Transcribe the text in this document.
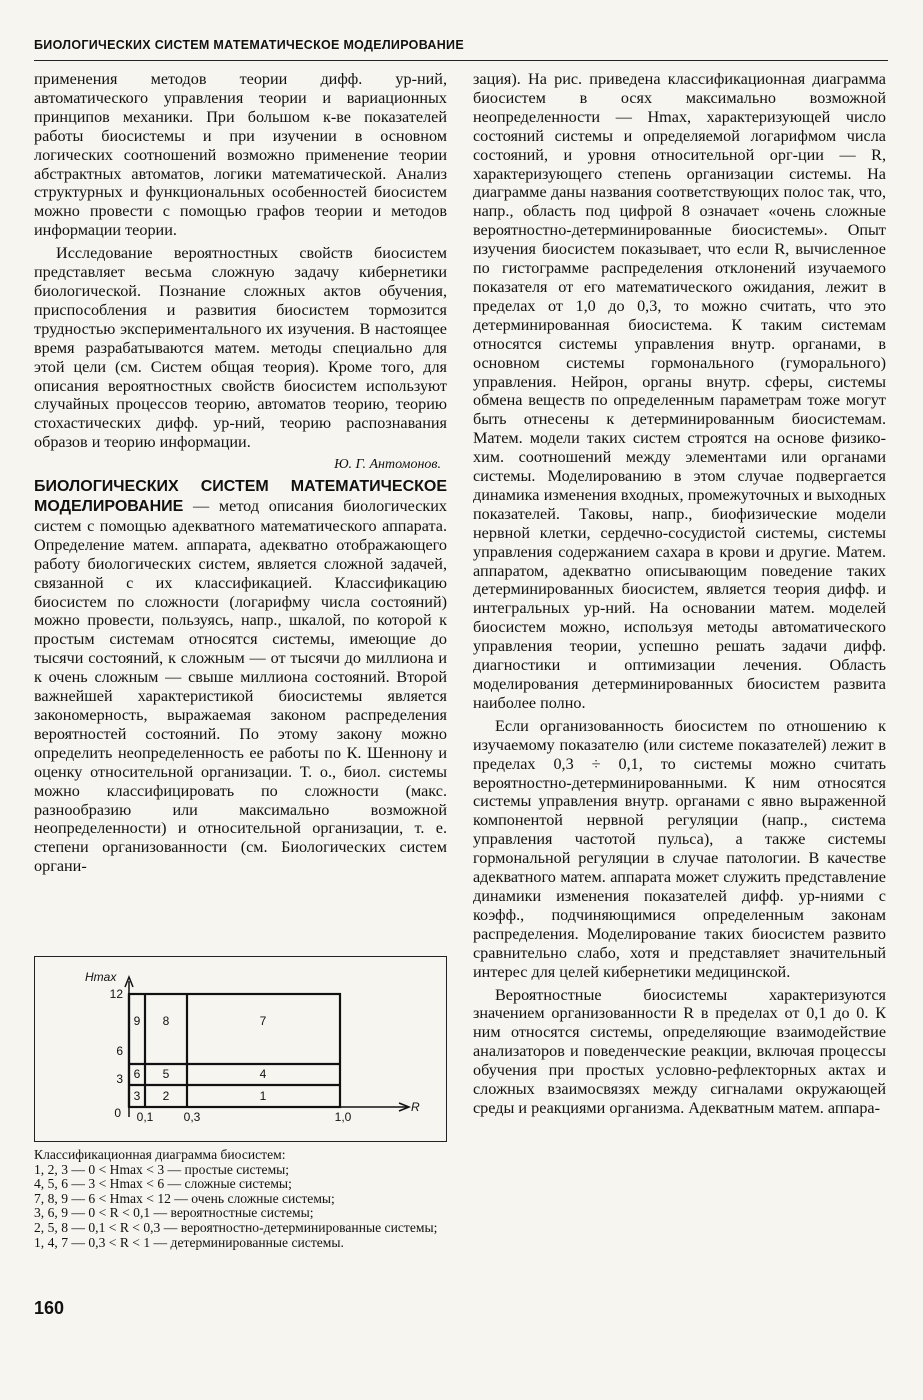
БИОЛОГИЧЕСКИХ СИСТЕМ МАТЕМАТИЧЕСКОЕ МОДЕЛИРОВАНИЕ

применения методов теории дифф. ур-ний, автоматического управления теории и вариационных принципов механики. При большом к-ве показателей работы биосистемы и при изучении в основном логических соотношений возможно применение теории абстрактных автоматов, логики математической. Анализ структурных и функциональных особенностей биосистем можно провести с помощью графов теории и методов информации теории.

Исследование вероятностных свойств биосистем представляет весьма сложную задачу кибернетики биологической. Познание сложных актов обучения, приспособления и развития биосистем тормозится трудностью экспериментального их изучения. В настоящее время разрабатываются матем. методы специально для этой цели (см. Систем общая теория). Кроме того, для описания вероятностных свойств биосистем используют случайных процессов теорию, автоматов теорию, теорию стохастических дифф. ур-ний, теорию распознавания образов и теорию информации.

Ю. Г. Антомонов.

БИОЛОГИЧЕСКИХ СИСТЕМ МАТЕМАТИЧЕСКОЕ МОДЕЛИРОВАНИЕ — метод описания биологических систем с помощью адекватного математического аппарата. Определение матем. аппарата, адекватно отображающего работу биологических систем, является сложной задачей, связанной с их классификацией. Классификацию биосистем по сложности (логарифму числа состояний) можно провести, пользуясь, напр., шкалой, по которой к простым системам относятся системы, имеющие до тысячи состояний, к сложным — от тысячи до миллиона и к очень сложным — свыше миллиона состояний. Второй важнейшей характеристикой биосистемы является закономерность, выражаемая законом распределения вероятностей состояний. По этому закону можно определить неопределенность ее работы по К. Шеннону и оценку относительной организации. Т. о., биол. системы можно классифицировать по сложности (макс. разнообразию или максимально возможной неопределенности) и относительной организации, т. е. степени организованности (см. Биологических систем органи-

9 8	7
6 5	4
3 2	1
Hmax
R
12
6
3
0 0,1	0,3	1,0
Классификационная диаграмма биосистем:
1, 2, 3 — 0 < Hmax < 3 — простые системы;
4, 5, 6 — 3 < Hmax < 6 — сложные системы;
7, 8, 9 — 6 < Hmax < 12 — очень сложные системы;
3, 6, 9 — 0 < R < 0,1 — вероятностные системы;
2, 5, 8 — 0,1 < R < 0,3 — вероятностно-детерминированные системы;
1, 4, 7 — 0,3 < R < 1 — детерминированные системы.
160

зация). На рис. приведена классификационная диаграмма биосистем в осях максимально возможной неопределенности — Hmax, характеризующей число состояний системы и определяемой логарифмом числа состояний, и уровня относительной орг-ции — R, характеризующего степень организации системы. На диаграмме даны названия соответствующих полос так, что, напр., область под цифрой 8 означает «очень сложные вероятностно-детерминированные биосистемы». Опыт изучения биосистем показывает, что если R, вычисленное по гистограмме распределения отклонений изучаемого показателя от его математического ожидания, лежит в пределах от 1,0 до 0,3, то можно считать, что это детерминированная биосистема. К таким системам относятся системы управления внутр. органами, в основном системы гормонального (гуморального) управления. Нейрон, органы внутр. сферы, системы обмена веществ по определенным параметрам тоже могут быть отнесены к детерминированным биосистемам. Матем. модели таких систем строятся на основе физико-хим. соотношений между элементами или органами системы. Моделированию в этом случае подвергается динамика изменения входных, промежуточных и выходных показателей. Таковы, напр., биофизические модели нервной клетки, сердечно-сосудистой системы, системы управления содержанием сахара в крови и другие. Матем. аппаратом, адекватно описывающим поведение таких детерминированных биосистем, является теория дифф. и интегральных ур-ний. На основании матем. моделей биосистем можно, используя методы автоматического управления теории, успешно решать задачи дифф. диагностики и оптимизации лечения. Область моделирования детерминированных биосистем развита наиболее полно.

Если организованность биосистем по отношению к изучаемому показателю (или системе показателей) лежит в пределах 0,3 ÷ 0,1, то системы можно считать вероятностно-детерминированными. К ним относятся системы управления внутр. органами с явно выраженной компонентой нервной регуляции (напр., система управления частотой пульса), а также системы гормональной регуляции в случае патологии. В качестве адекватного матем. аппарата может служить представление динамики изменения показателей дифф. ур-ниями с коэфф., подчиняющимися определенным законам распределения. Моделирование таких биосистем развито сравнительно слабо, хотя и представляет значительный интерес для целей кибернетики медицинской.

Вероятностные биосистемы характеризуются значением организованности R в пределах от 0,1 до 0. К ним относятся системы, определяющие взаимодействие анализаторов и поведенческие реакции, включая процессы обучения при простых условно-рефлекторных актах и сложных взаимосвязях между сигналами окружающей среды и реакциями организма. Адекватным матем. аппара-
